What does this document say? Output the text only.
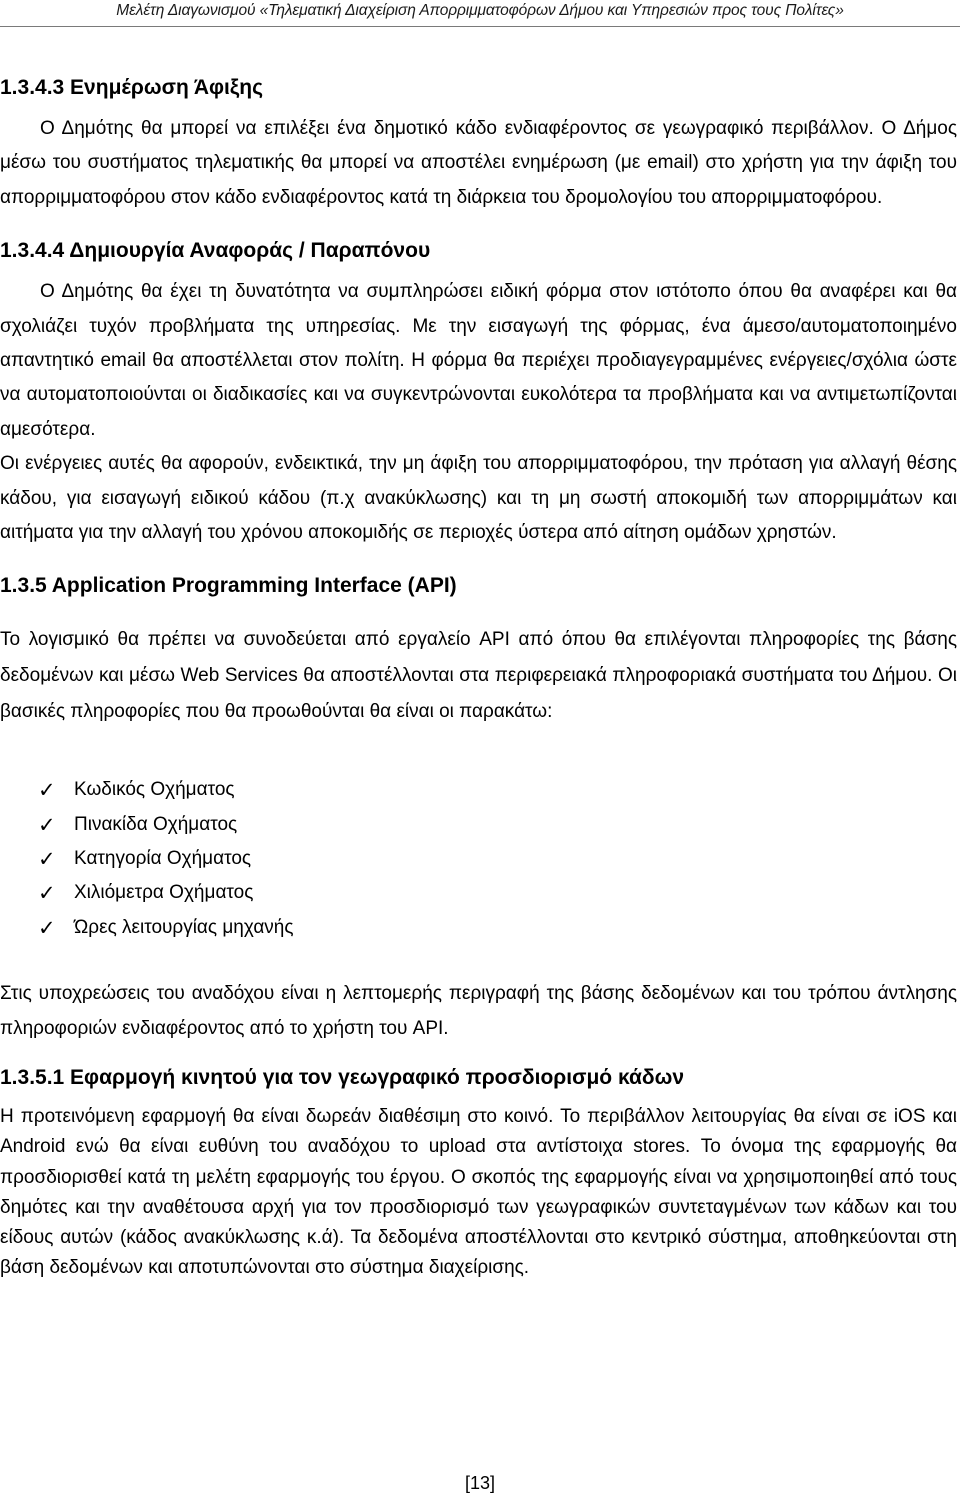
Μελέτη Διαγωνισμού «Τηλεματική Διαχείριση Απορριμματοφόρων Δήμου και Υπηρεσιών προς τους Πολίτες»
1.3.4.3 Ενημέρωση Άφιξης

Ο Δημότης θα μπορεί να επιλέξει ένα δημοτικό κάδο ενδιαφέροντος σε γεωγραφικό περιβάλλον. Ο Δήμος μέσω του συστήματος τηλεματικής θα μπορεί να αποστέλει ενημέρωση (με email) στο χρήστη για την άφιξη του απορριμματοφόρου στον κάδο ενδιαφέροντος κατά τη διάρκεια του δρομολογίου του απορριμματοφόρου.

1.3.4.4 Δημιουργία Αναφοράς / Παραπόνου

Ο Δημότης θα έχει τη δυνατότητα να συμπληρώσει ειδική φόρμα στον ιστότοπο όπου θα αναφέρει και θα σχολιάζει τυχόν προβλήματα της υπηρεσίας. Με την εισαγωγή της φόρμας, ένα άμεσο/αυτοματοποιημένο απαντητικό email θα αποστέλλεται στον πολίτη. Η φόρμα θα περιέχει προδιαγεγραμμένες ενέργειες/σχόλια ώστε να αυτοματοποιούνται οι διαδικασίες και να συγκεντρώνονται ευκολότερα τα προβλήματα και να αντιμετωπίζονται αμεσότερα.

Οι ενέργειες αυτές θα αφορούν, ενδεικτικά, την μη άφιξη του απορριμματοφόρου, την πρόταση για αλλαγή θέσης κάδου, για εισαγωγή ειδικού κάδου (π.χ ανακύκλωσης) και τη μη σωστή αποκομιδή των απορριμμάτων και αιτήματα για την αλλαγή του χρόνου αποκομιδής σε περιοχές ύστερα από αίτηση ομάδων χρηστών.

1.3.5 Application Programming Interface (API)

Το λογισμικό θα πρέπει να συνοδεύεται από εργαλείο API από όπου θα επιλέγονται πληροφορίες της βάσης δεδομένων και μέσω Web Services θα αποστέλλονται στα περιφερειακά πληροφοριακά συστήματα του Δήμου. Οι βασικές πληροφορίες που θα προωθούνται θα είναι οι παρακάτω:

✓ Κωδικός Οχήματος
✓ Πινακίδα Οχήματος
✓ Κατηγορία Οχήματος
✓ Χιλιόμετρα Οχήματος
✓ Ώρες λειτουργίας μηχανής

Στις υποχρεώσεις του αναδόχου είναι η λεπτομερής περιγραφή της βάσης δεδομένων και του τρόπου άντλησης πληροφοριών ενδιαφέροντος από το χρήστη του API.

1.3.5.1 Εφαρμογή κινητού για τον γεωγραφικό προσδιορισμό κάδων

Η προτεινόμενη εφαρμογή θα είναι δωρεάν διαθέσιμη στο κοινό. Το περιβάλλον λειτουργίας θα είναι σε iOS και Android ενώ θα είναι ευθύνη του αναδόχου το upload στα αντίστοιχα stores. Το όνομα της εφαρμογής θα προσδιορισθεί κατά τη μελέτη εφαρμογής του έργου. Ο σκοπός της εφαρμογής είναι να χρησιμοποιηθεί από τους δημότες και την αναθέτουσα αρχή για τον προσδιορισμό των γεωγραφικών συντεταγμένων των κάδων και του είδους αυτών (κάδος ανακύκλωσης κ.ά). Τα δεδομένα αποστέλλονται στο κεντρικό σύστημα, αποθηκεύονται στη βάση δεδομένων και αποτυπώνονται στο σύστημα διαχείρισης.

[13]
